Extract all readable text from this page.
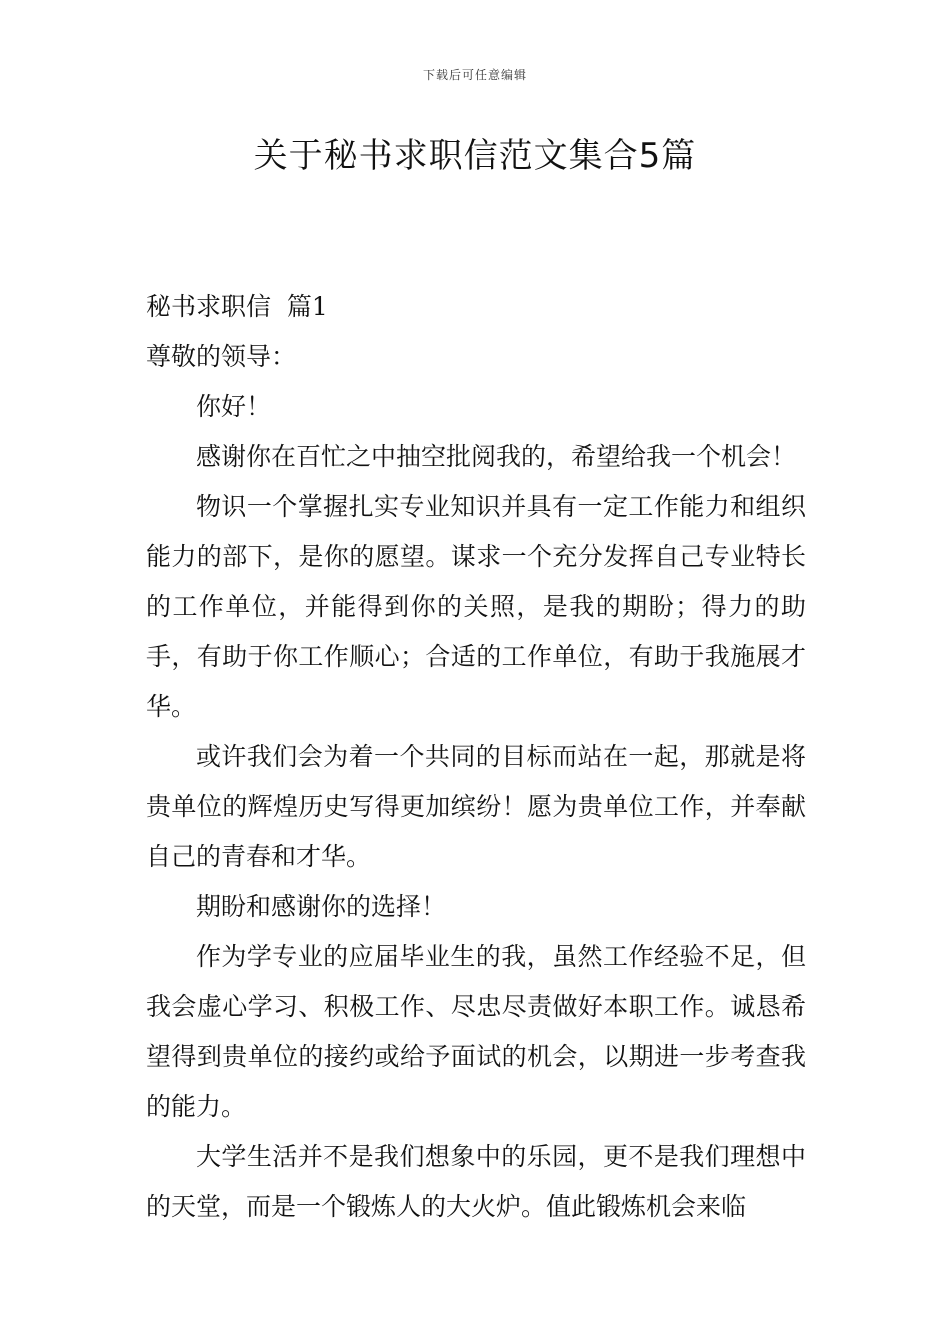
下载后可任意编辑
关于秘书求职信范文集合5篇

秘书求职信  篇1

尊敬的领导：

你好！

感谢你在百忙之中抽空批阅我的，希望给我一个机会！

物识一个掌握扎实专业知识并具有一定工作能力和组织能力的部下，是你的愿望。谋求一个充分发挥自己专业特长的工作单位，并能得到你的关照，是我的期盼；得力的助手，有助于你工作顺心；合适的工作单位，有助于我施展才华。

或许我们会为着一个共同的目标而站在一起，那就是将贵单位的辉煌历史写得更加缤纷！愿为贵单位工作，并奉献自己的青春和才华。

期盼和感谢你的选择！

作为学专业的应届毕业生的我，虽然工作经验不足，但我会虚心学习、积极工作、尽忠尽责做好本职工作。诚恳希望得到贵单位的接约或给予面试的机会，以期进一步考查我的能力。

大学生活并不是我们想象中的乐园，更不是我们理想中的天堂，而是一个锻炼人的大火炉。值此锻炼机会来临
